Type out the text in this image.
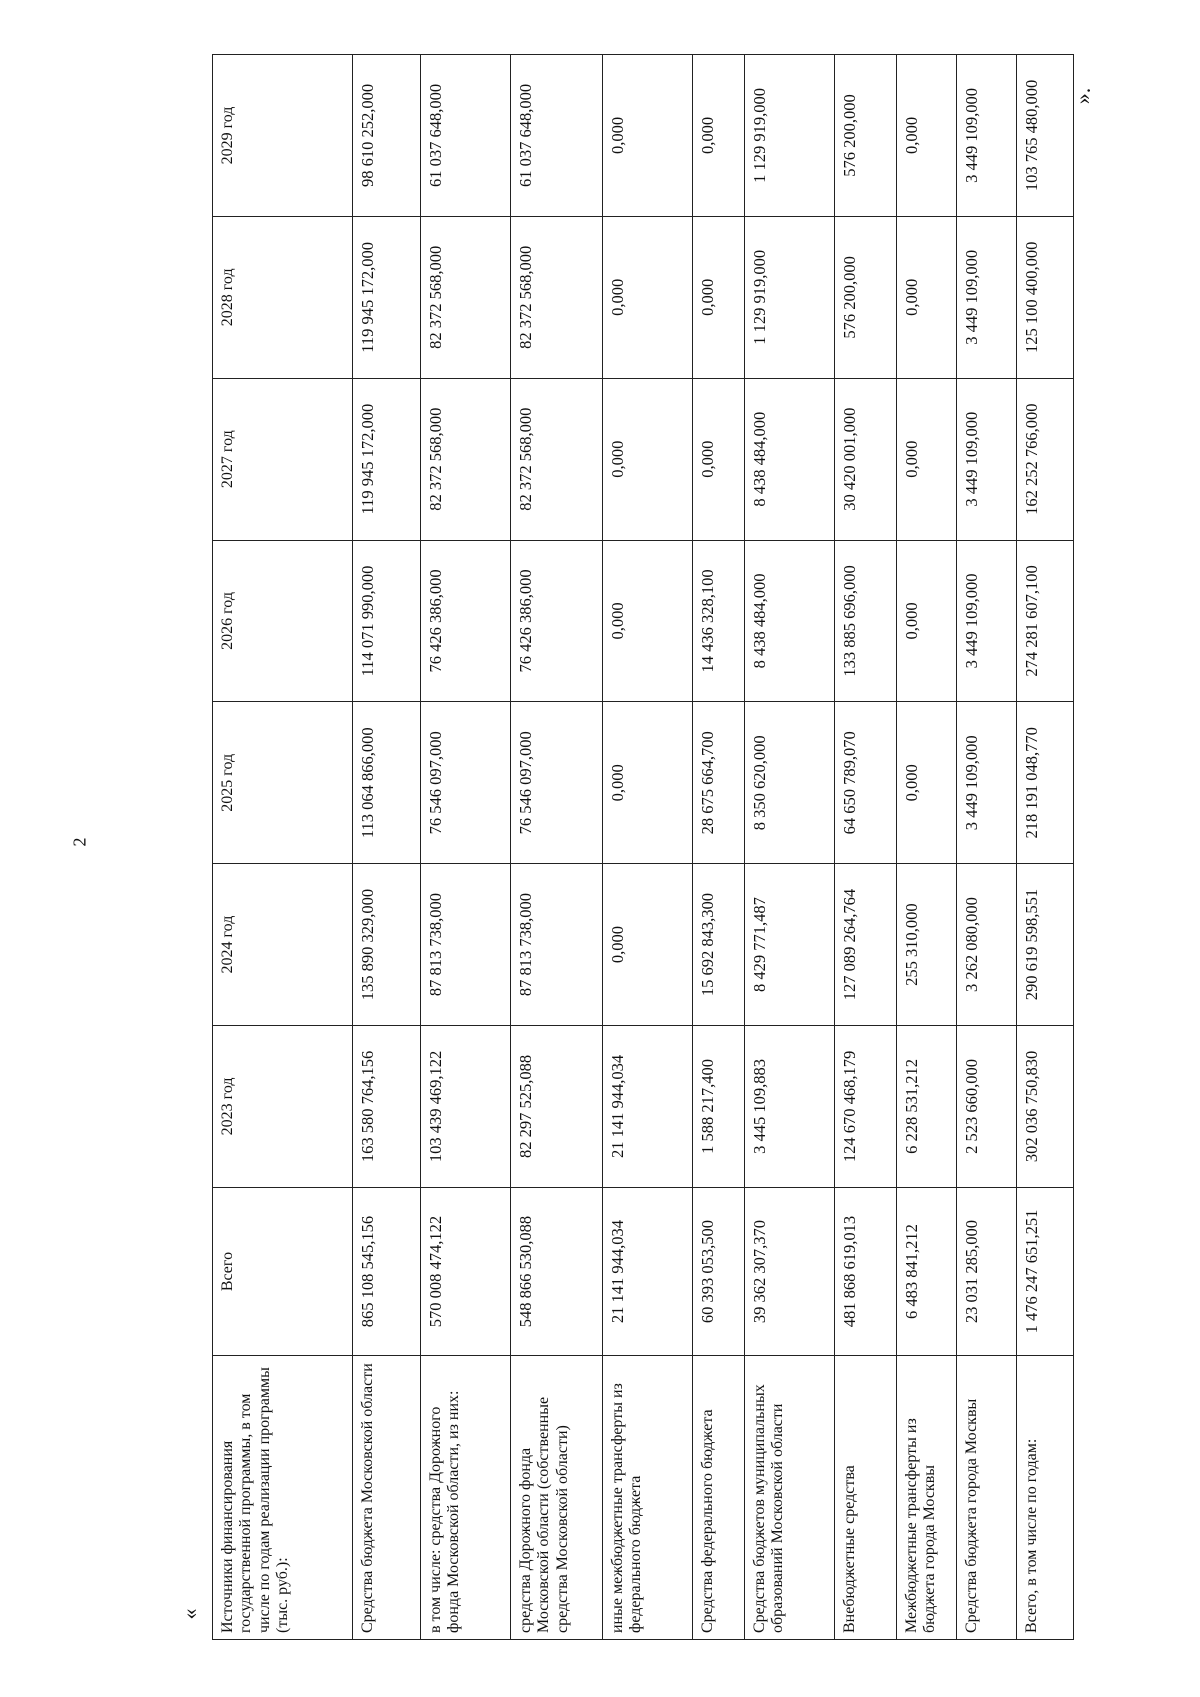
2
«
».
Источники финансирования государственной программы, в том числе по годам реализации программы (тыс. руб.):	Всего	2023 год	2024 год	2025 год	2026 год	2027 год	2028 год	2029 год
Средства бюджета Московской области	865 108 545,156	163 580 764,156	135 890 329,000	113 064 866,000	114 071 990,000	119 945 172,000	119 945 172,000	98 610 252,000
в том числе: средства Дорожного фонда Московской области, из них:	570 008 474,122	103 439 469,122	87 813 738,000	76 546 097,000	76 426 386,000	82 372 568,000	82 372 568,000	61 037 648,000
средства Дорожного фонда Московской области (собственные средства Московской области)	548 866 530,088	82 297 525,088	87 813 738,000	76 546 097,000	76 426 386,000	82 372 568,000	82 372 568,000	61 037 648,000
иные межбюджетные трансферты из федерального бюджета	21 141 944,034	21 141 944,034	0,000	0,000	0,000	0,000	0,000	0,000
Средства федерального бюджета	60 393 053,500	1 588 217,400	15 692 843,300	28 675 664,700	14 436 328,100	0,000	0,000	0,000
Средства бюджетов муниципальных образований Московской области	39 362 307,370	3 445 109,883	8 429 771,487	8 350 620,000	8 438 484,000	8 438 484,000	1 129 919,000	1 129 919,000
Внебюджетные средства	481 868 619,013	124 670 468,179	127 089 264,764	64 650 789,070	133 885 696,000	30 420 001,000	576 200,000	576 200,000
Межбюджетные трансферты из бюджета города Москвы	6 483 841,212	6 228 531,212	255 310,000	0,000	0,000	0,000	0,000	0,000
Средства бюджета города Москвы	23 031 285,000	2 523 660,000	3 262 080,000	3 449 109,000	3 449 109,000	3 449 109,000	3 449 109,000	3 449 109,000
Всего, в том числе по годам:	1 476 247 651,251	302 036 750,830	290 619 598,551	218 191 048,770	274 281 607,100	162 252 766,000	125 100 400,000	103 765 480,000
